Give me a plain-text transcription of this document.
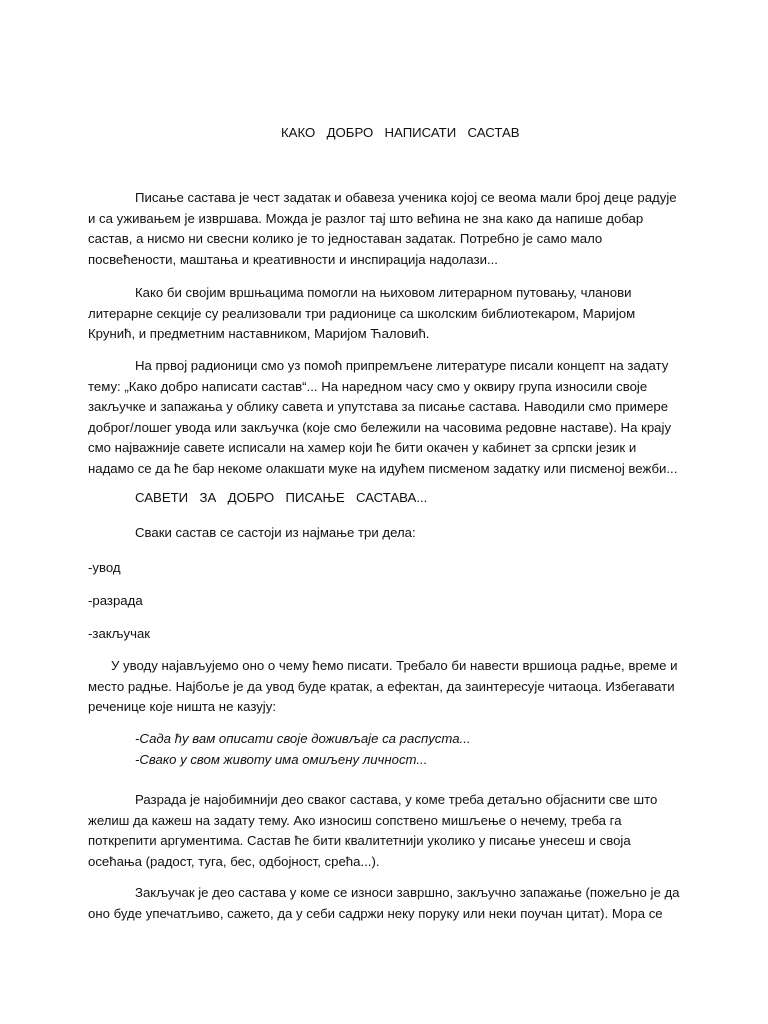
КАКО  ДОБРО  НАПИСАТИ  САСТАВ

Писање састава је чест задатак и обавеза ученика којој се веома мали број деце радује и са уживањем је извршава. Можда је разлог тај што већина не зна како да напише добар састав, а нисмо ни свесни колико је то једноставан задатак. Потребно је само мало посвећености, маштања и креативности и инспирација надолази...

Како би својим вршњацима помогли на њиховом литерарном путовању, чланови литерарне секције су реализовали три радионице са школским библиотекаром, Маријом Крунић, и предметним наставником, Маријом Ћаловић.

На првој радионици смо уз помоћ припремљене литературе писали концепт на задату тему: „Како добро написати састав“... На наредном часу смо у оквиру група износили своје закључке и запажања у облику савета и упутстава за писање састава. Наводили смо примере доброг/лошег увода или закључка (које смо бележили на часовима редовне наставе). На крају смо најважније савете исписали на хамер који ће бити окачен у кабинет за српски језик и надамо се да ће бар некоме олакшати муке на идућем писменом задатку или писменој вежби...

САВЕТИ  ЗА  ДОБРО  ПИСАЊЕ  САСТАВА...
Сваки састав се састоји из најмање три дела:
-увод
-разрада
-закључак

У уводу најављујемо оно о чему ћемо писати. Требало би навести вршиоца радње, време и место радње. Најбоље је да увод буде кратак, а ефектан, да заинтересује читаоца. Избегавати реченице које ништа не казују:

-Сада ћу вам описати своје доживљаје са распуста...

-Свако у свом животу има омиљену личност...

Разрада је најобимнији део сваког састава, у коме треба детаљно објаснити све што желиш да кажеш на задату тему. Ако износиш сопствено мишљење о нечему, треба га поткрепити аргументима. Састав ће бити квалитетнији уколико у писање унесеш и своја осећања (радост, туга, бес, одбојност, срећа...).

Закључак је део састава у коме се износи завршно, закључно запажање (пожељно је да оно буде упечатљиво, сажето, да у себи садржи неку поруку или неки поучан цитат). Мора се
